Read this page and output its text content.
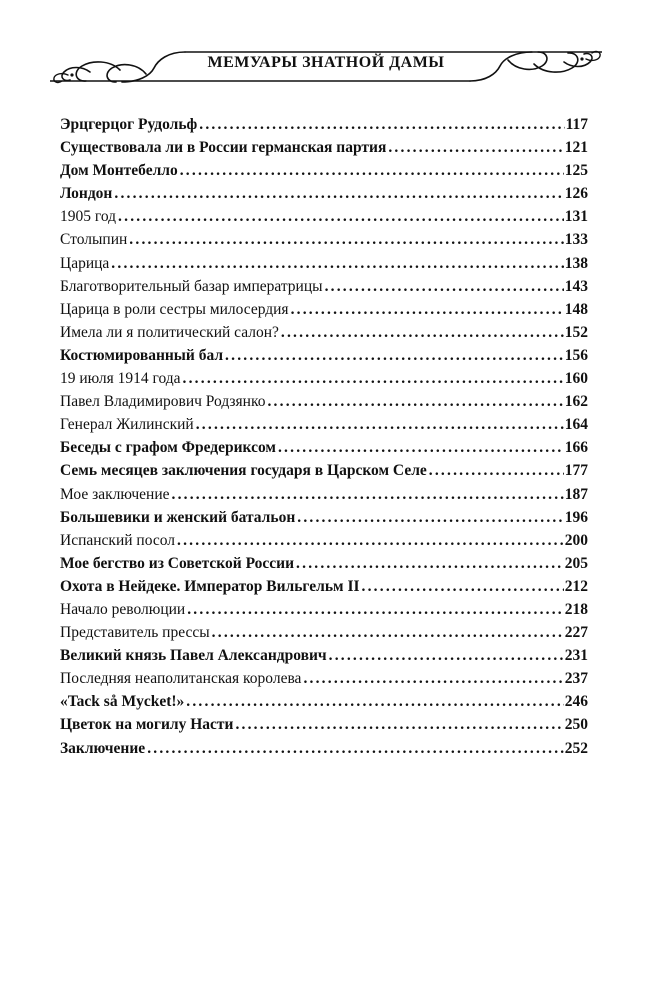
МЕМУАРЫ ЗНАТНОЙ ДАМЫ
Эрцгерцог Рудольф .....	117
Существовала ли в России германская партия .....	121
Дом Монтебелло .....	125
Лондон .....	126
1905 год .....	131
Столыпин .....	133
Царица .....	138
Благотворительный базар императрицы .....	143
Царица в роли сестры милосердия .....	148
Имела ли я политический салон? .....	152
Костюмированный бал .....	156
19 июля 1914 года .....	160
Павел Владимирович Родзянко .....	162
Генерал Жилинский .....	164
Беседы с графом Фредериксом .....	166
Семь месяцев заключения государя в Царском Селе .....	177
Мое заключение .....	187
Большевики и женский батальон .....	196
Испанский посол .....	200
Мое бегство из Советской России .....	205
Охота в Нейдеке. Император Вильгельм II .....	212
Начало революции .....	218
Представитель прессы .....	227
Великий князь Павел Александрович .....	231
Последняя неаполитанская королева .....	237
«Tack så Mycket!» .....	246
Цветок на могилу Насти .....	250
Заключение .....	252
